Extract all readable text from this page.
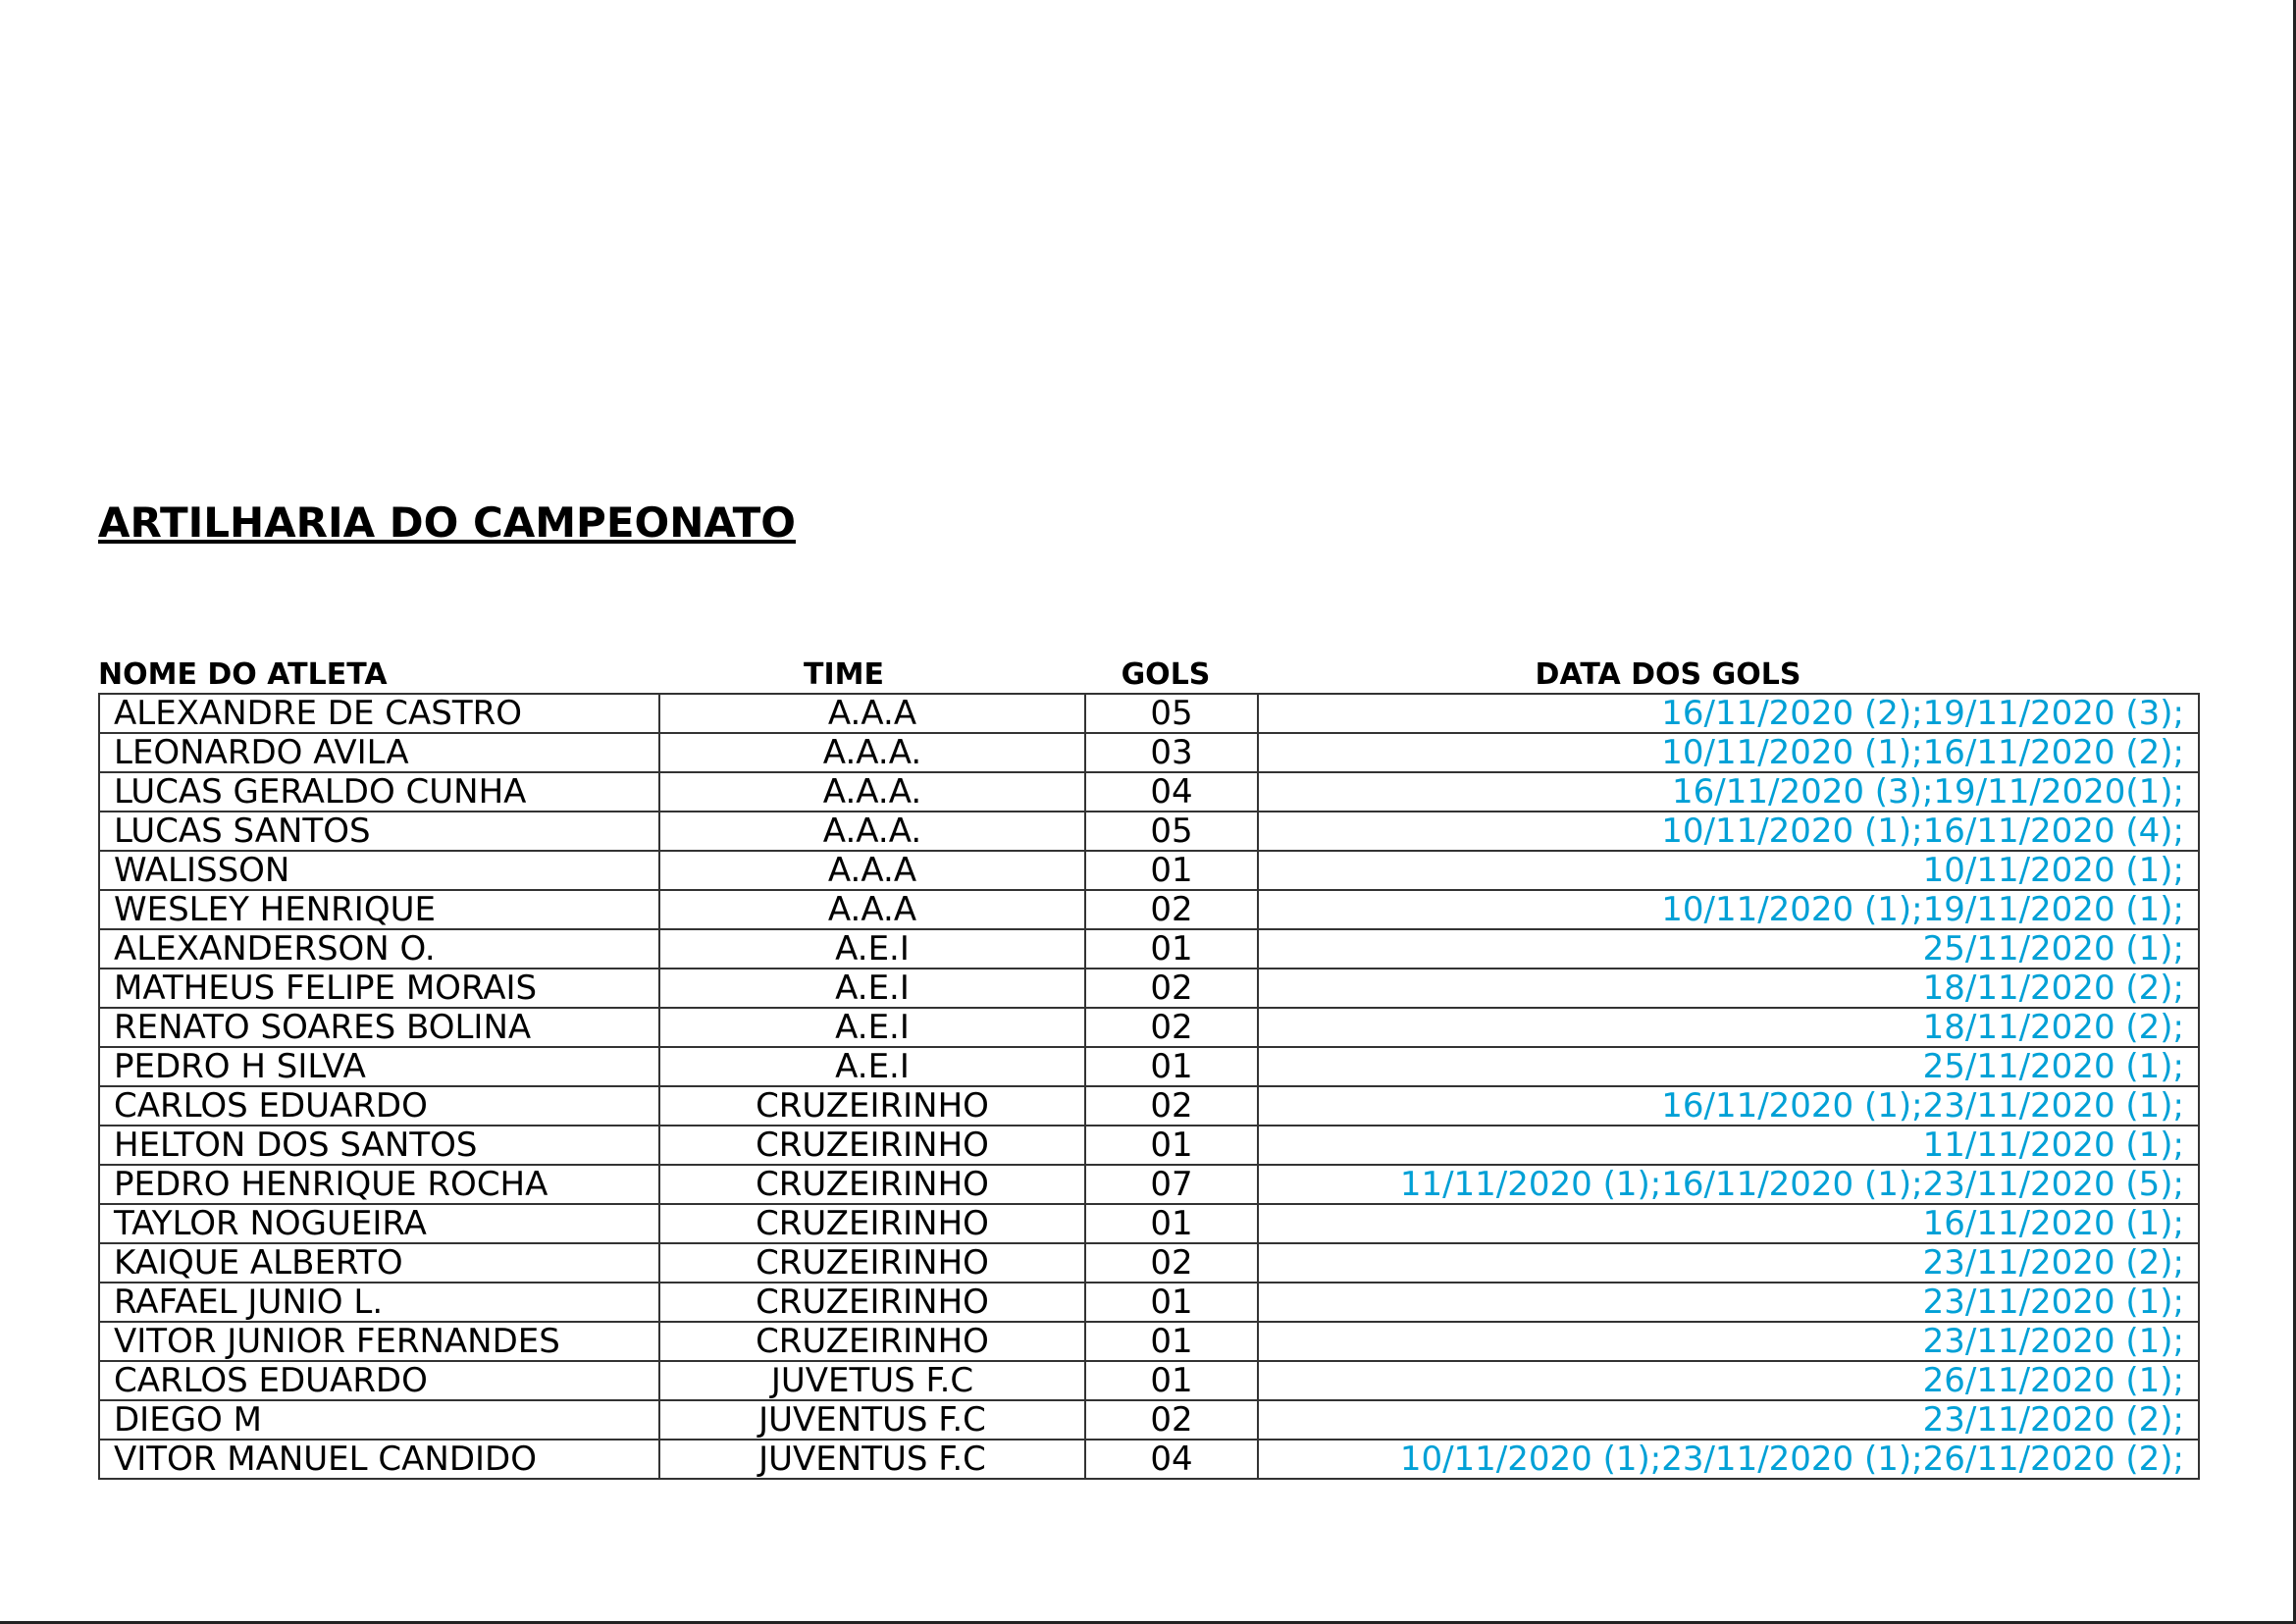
ARTILHARIA DO CAMPEONATO
NOME DO ATLETA	TIME	GOLS	DATA DOS GOLS
ALEXANDRE DE CASTRO	A.A.A	05	16/11/2020 (2);19/11/2020 (3);
LEONARDO AVILA	A.A.A.	03	10/11/2020 (1);16/11/2020 (2);
LUCAS GERALDO CUNHA	A.A.A.	04	16/11/2020 (3);19/11/2020(1);
LUCAS SANTOS	A.A.A.	05	10/11/2020 (1);16/11/2020 (4);
WALISSON	A.A.A	01	10/11/2020 (1);
WESLEY HENRIQUE	A.A.A	02	10/11/2020 (1);19/11/2020 (1);
ALEXANDERSON O.	A.E.I	01	25/11/2020 (1);
MATHEUS FELIPE MORAIS	A.E.I	02	18/11/2020 (2);
RENATO SOARES BOLINA	A.E.I	02	18/11/2020 (2);
PEDRO H SILVA	A.E.I	01	25/11/2020 (1);
CARLOS EDUARDO	CRUZEIRINHO	02	16/11/2020 (1);23/11/2020 (1);
HELTON DOS SANTOS	CRUZEIRINHO	01	11/11/2020 (1);
PEDRO HENRIQUE ROCHA	CRUZEIRINHO	07	11/11/2020 (1);16/11/2020 (1);23/11/2020 (5);
TAYLOR NOGUEIRA	CRUZEIRINHO	01	16/11/2020 (1);
KAIQUE ALBERTO	CRUZEIRINHO	02	23/11/2020 (2);
RAFAEL JUNIO L.	CRUZEIRINHO	01	23/11/2020 (1);
VITOR JUNIOR FERNANDES	CRUZEIRINHO	01	23/11/2020 (1);
CARLOS EDUARDO	JUVETUS F.C	01	26/11/2020 (1);
DIEGO M	JUVENTUS F.C	02	23/11/2020 (2);
VITOR MANUEL CANDIDO	JUVENTUS F.C	04	10/11/2020 (1);23/11/2020 (1);26/11/2020 (2);
